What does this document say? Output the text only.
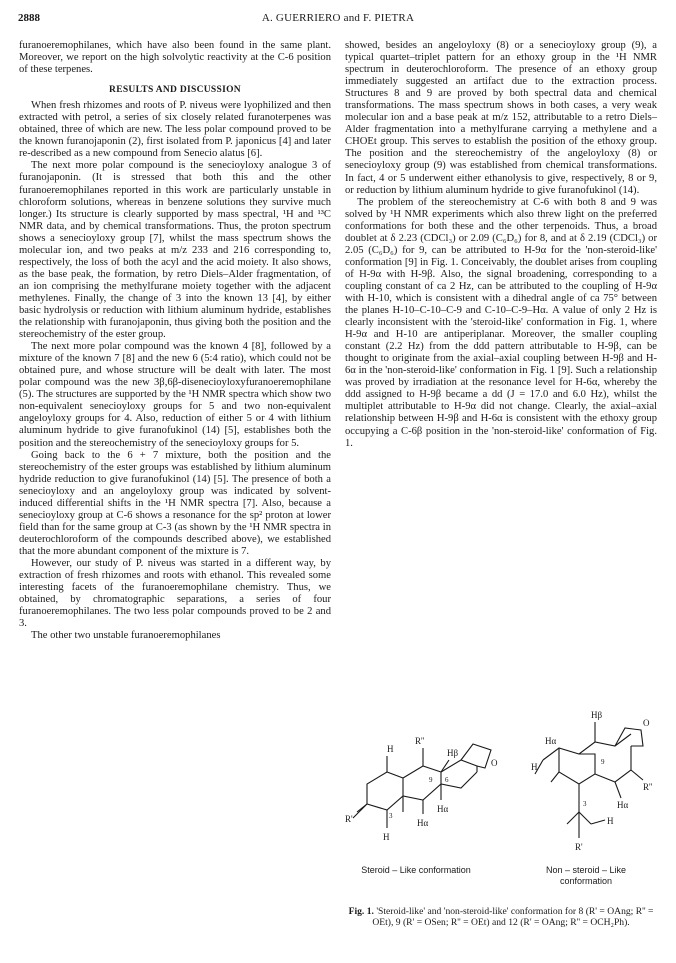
2888	A. GUERRIERO and F. PIETRA

furanoeremophilanes, which have also been found in the same plant. Moreover, we report on the high solvolytic reactivity at the C-6 position of these terpenes.

RESULTS AND DISCUSSION

When fresh rhizomes and roots of P. niveus were lyophilized and then extracted with petrol, a series of six closely related furanoterpenes was obtained, three of which are new. The less polar compound proved to be the known furanojaponin (2), first isolated from P. japonicus [4] and later re-described as a new compound from Senecio alatus [6].

The next more polar compound is the senecioyloxy analogue 3 of furanojaponin. (It is stressed that both this and the other furanoeremophilanes reported in this work are particularly unstable in chloroform solutions, whereas in benzene solutions they survive much longer.) Its structure is clearly supported by mass spectral, ¹H and ¹³C NMR data, and by chemical transformations. Thus, the proton spectrum shows a senecioyloxy group [7], whilst the mass spectrum shows the molecular ion, and two peaks at m/z 233 and 216 corresponding to, respectively, the loss of both the acyl and the acid moiety. It also shows, as the base peak, the formation, by retro Diels–Alder fragmentation, of an ion comprising the methylfurane moiety together with the adjacent methylenes. Finally, the change of 3 into the known 13 [4], by either basic hydrolysis or reduction with lithium aluminum hydride, establishes the relationship with furanojaponin, thus giving both the position and the stereochemistry of the ester group.

The next more polar compound was the known 4 [8], followed by a mixture of the known 7 [8] and the new 6 (5:4 ratio), which could not be obtained pure, and whose structure will be dealt with later. The most polar compound was the new 3β,6β-disenecioyloxyfuranoeremophilane (5). The structures are supported by the ¹H NMR spectra which show two non-equivalent senecioyloxy groups for 5 and two non-equivalent angeloyloxy groups for 4. Also, reduction of either 5 or 4 with lithium aluminum hydride to give furanofukinol (14) [5], establishes both the position and the stereochemistry of the senecioyloxy groups for 5.

Going back to the 6 + 7 mixture, both the position and the stereochemistry of the ester groups was established by lithium aluminum hydride reduction to give furanofukinol (14) [5]. The presence of both a senecioyloxy and an angeloyloxy group was indicated by solvent-induced differential shifts in the ¹H NMR spectra [7]. Also, because a senecioyloxy group at C-6 shows a resonance for the sp² proton at lower field than for the same group at C-3 (as shown by the ¹H NMR spectra in deuterochloroform of the compounds described above), we established that the more abundant component of the mixture is 7.

However, our study of P. niveus was started in a different way, by extraction of fresh rhizomes and roots with ethanol. This revealed some interesting facets of the furanoeremophilane chemistry. Thus, we obtained, by chromatographic separations, a series of four furanoeremophilanes. The two less polar compounds proved to be 2 and 3.

The other two unstable furanoeremophilanes

showed, besides an angeloyloxy (8) or a senecioyloxy group (9), a typical quartet–triplet pattern for an ethoxy group in the ¹H NMR spectrum in deuterochloroform. The presence of an ethoxy group immediately suggested an artifact due to the extraction process. Structures 8 and 9 are proved by both spectral data and chemical transformations. The mass spectrum shows in both cases, a very weak molecular ion and a base peak at m/z 152, attributable to a retro Diels–Alder fragmentation into a methylfurane carrying a methylene and a CHOEt group. This serves to establish the position of the ethoxy group. The position and the stereochemistry of the angeloyloxy (8) or senecioyloxy group (9) was established from chemical transformations. In fact, 4 or 5 underwent either ethanolysis to give, respectively, 8 or 9, or reduction by lithium aluminum hydride to give furanofukinol (14).

The problem of the stereochemistry at C-6 with both 8 and 9 was solved by ¹H NMR experiments which also threw light on the preferred conformations for both these and the other terpenoids. Thus, a broad doublet at δ 2.23 (CDCl₃) or 2.09 (C₆D₆) for 8, and at δ 2.19 (CDCl₃) or 2.05 (C₆D₆) for 9, can be attributed to H-9α for the 'non-steroid-like' conformation [9] in Fig. 1. Conceivably, the doublet arises from coupling of H-9α with H-9β. Also, the signal broadening, corresponding to a coupling constant of ca 2 Hz, can be attributed to the coupling of H-9α with H-10, which is consistent with a dihedral angle of ca 75° between the planes H-10–C-10–C-9 and C-10–C-9–Hα. A value of only 2 Hz is clearly inconsistent with the 'steroid-like' conformation in Fig. 1, where H-9α and H-10 are antiperiplanar. Moreover, the smaller coupling constant (2.2 Hz) from the ddd pattern attributable to H-9β, can be thought to originate from the axial–axial coupling between H-9β and H-6α in the 'non-steroid-like' conformation in Fig. 1 [9]. Such a relationship was proved by irradiation at the resonance level for H-6α, whereby the ddd assigned to H-9β became a dd (J = 17.0 and 6.0 Hz), whilst the multiplet attributable to H-9α did not change. Clearly, the axial–axial relationship between H-9β and H-6α is consistent with the ethoxy group occupying a C-6β position in the 'non-steroid-like' conformation of Fig. 1.

H
R''
Hβ
O
9 6
Hα
Hα
R'	3
H
Hβ
O
Hα
H	9
R''
Hα
H
3
R'
Steroid – Like conformation	Non – steroid – Like conformation
Fig. 1. 'Steroid-like' and 'non-steroid-like' conformation for 8 (R' = OAng; R'' = OEt), 9 (R' = OSen; R'' = OEt) and 12 (R' = OAng; R'' = OCH₂Ph).
